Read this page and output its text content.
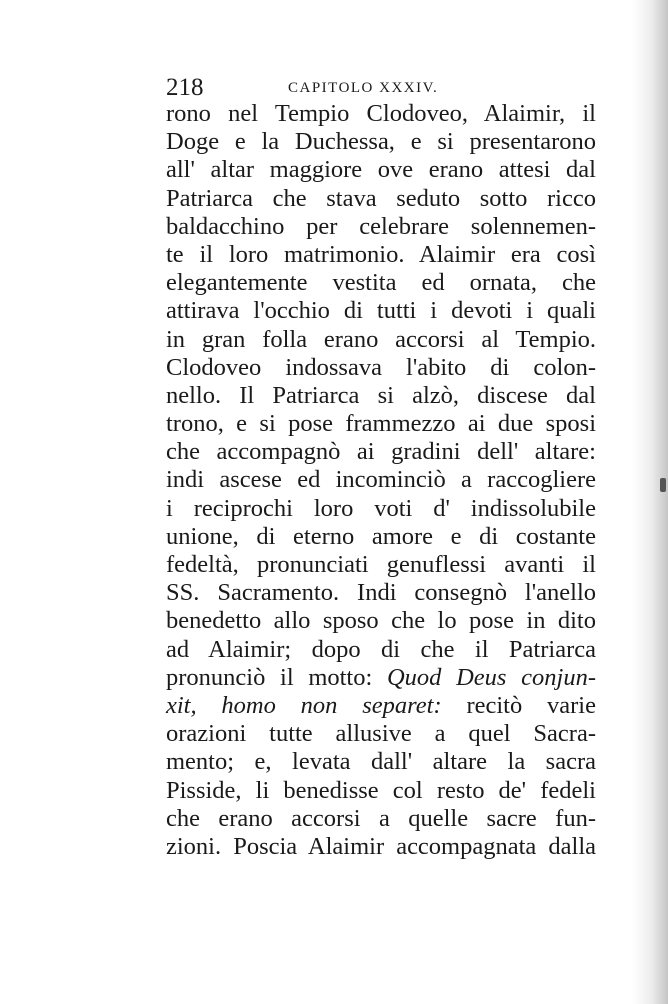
218	CAPITOLO XXXIV.
rono nel Tempio Clodoveo, Alaimir, il
Doge e la Duchessa, e si presentarono
all' altar maggiore ove erano attesi dal
Patriarca che stava seduto sotto ricco
baldacchino per celebrare solennemen-
te il loro matrimonio. Alaimir era così
elegantemente vestita ed ornata, che
attirava l'occhio di tutti i devoti i quali
in gran folla erano accorsi al Tempio.
Clodoveo indossava l'abito di colon-
nello. Il Patriarca si alzò, discese dal
trono, e si pose frammezzo ai due sposi
che accompagnò ai gradini dell' altare:
indi ascese ed incominciò a raccogliere
i reciprochi loro voti d' indissolubile
unione, di eterno amore e di costante
fedeltà, pronunciati genuflessi avanti il
SS. Sacramento. Indi consegnò l'anello
benedetto allo sposo che lo pose in dito
ad Alaimir; dopo di che il Patriarca
pronunciò il motto: Quod Deus conjun-
xit, homo non separet: recitò varie
orazioni tutte allusive a quel Sacra-
mento; e, levata dall' altare la sacra
Pisside, li benedisse col resto de' fedeli
che erano accorsi a quelle sacre fun-
zioni. Poscia Alaimir accompagnata dalla
